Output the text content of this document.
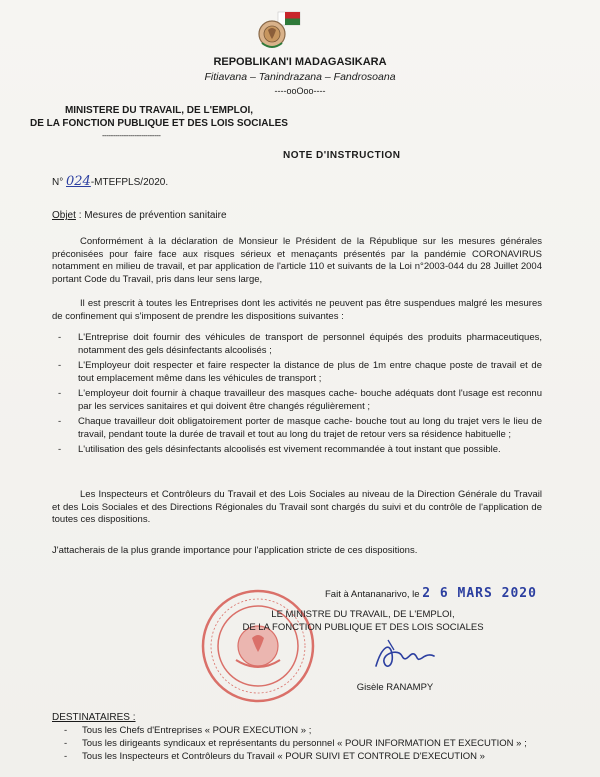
REPOBLIKAN'I MADAGASIKARA
Fitiavana – Tanindrazana – Fandrosoana
----ooOoo----
MINISTERE DU TRAVAIL, DE L'EMPLOI,
DE LA FONCTION PUBLIQUE ET DES LOIS SOCIALES
---------------------------
NOTE D'INSTRUCTION
N° 024-MTEFPLS/2020.
Objet : Mesures de prévention sanitaire
Conformément à la déclaration de Monsieur le Président de la République sur les mesures générales préconisées pour faire face aux risques sérieux et menaçants présentés par la pandémie CORONAVIRUS notamment en milieu de travail, et par application de l'article 110 et suivants de la Loi n°2003-044 du 28 Juillet 2004 portant Code du Travail, pris dans leur sens large,
Il est prescrit à toutes les Entreprises dont les activités ne peuvent pas être suspendues malgré les mesures de confinement qui s'imposent de prendre les dispositions suivantes :
- L'Entreprise doit fournir des véhicules de transport de personnel équipés des produits pharmaceutiques, notamment des gels désinfectants alcoolisés ;
- L'Employeur doit respecter et faire respecter la distance de plus de 1m entre chaque poste de travail et de tout emplacement même dans les véhicules de transport ;
- L'employeur doit fournir à chaque travailleur des masques cache- bouche adéquats dont l'usage est reconnu par les services sanitaires et qui doivent être changés régulièrement ;
- Chaque travailleur doit obligatoirement porter de masque cache- bouche tout au long du trajet vers le lieu de travail, pendant toute la durée de travail et tout au long du trajet de retour vers sa résidence habituelle ;
- L'utilisation des gels désinfectants alcoolisés est vivement recommandée à tout instant que possible.
Les Inspecteurs et Contrôleurs du Travail et des Lois Sociales au niveau de la Direction Générale du Travail et des Lois Sociales et des Directions Régionales du Travail sont chargés du suivi et du contrôle de l'application de toutes ces dispositions.
J'attacherais de la plus grande importance pour l'application stricte de ces dispositions.
Fait à Antananarivo, le 2 6 MARS 2020
LE MINISTRE DU TRAVAIL, DE L'EMPLOI,
DE LA FONCTION PUBLIQUE ET DES LOIS SOCIALES
Gisèle RANAMPY
DESTINATAIRES :
- Tous les Chefs d'Entreprises « POUR EXECUTION » ;
- Tous les dirigeants syndicaux et représentants du personnel « POUR INFORMATION ET EXECUTION » ;
- Tous les Inspecteurs et Contrôleurs du Travail « POUR SUIVI ET CONTROLE D'EXECUTION »
